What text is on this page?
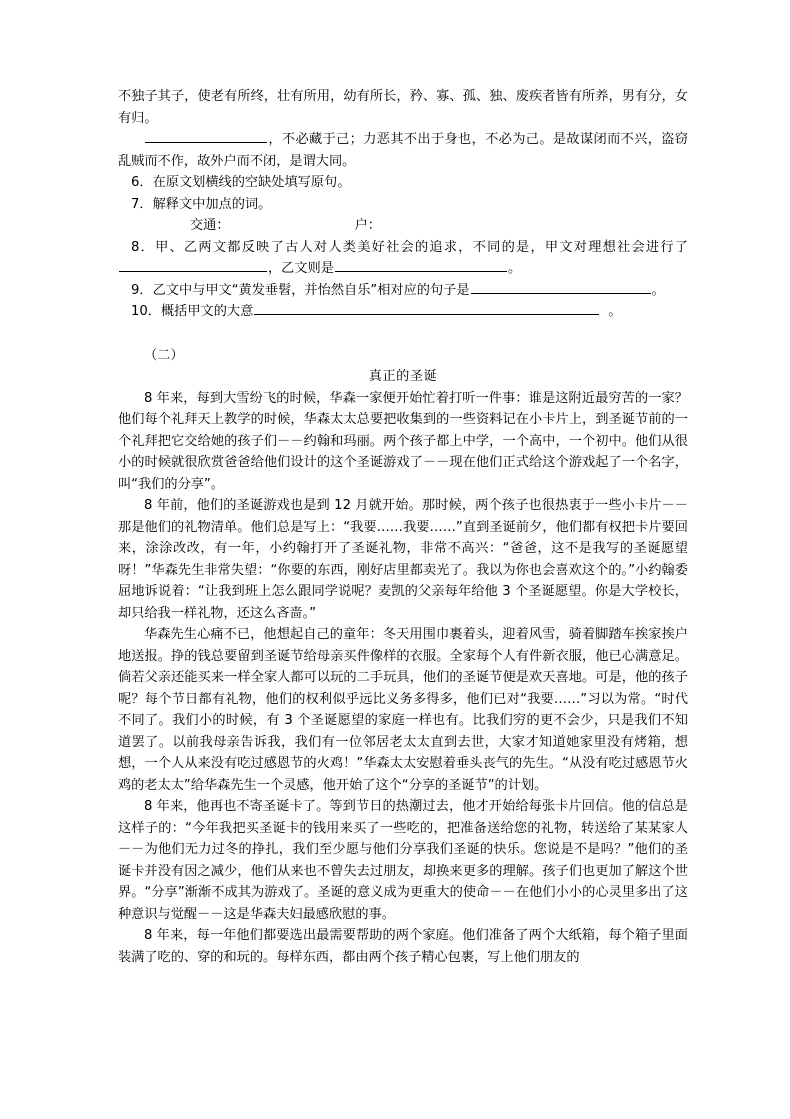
不独子其子，使老有所终，壮有所用，幼有所长，矜、寡、孤、独、废疾者皆有所养，男有分，女有归。

，不必藏于己；力恶其不出于身也，不必为己。是故谋闭而不兴，盗窃乱贼而不作，故外户而不闭，是谓大同。

6．在原文划横线的空缺处填写原句。

7．解释文中加点的词。

交通：	户：

8．甲、乙两文都反映了古人对人类美好社会的追求，不同的是，甲文对理想社会进行了，乙文则是	。

9．乙文中与甲文“黄发垂髫，并怡然自乐”相对应的句子是	。

10．概括甲文的大意	。

（二）

真正的圣诞

8 年来，每到大雪纷飞的时候，华森一家便开始忙着打听一件事：谁是这附近最穷苦的一家？他们每个礼拜天上教学的时候，华森太太总要把收集到的一些资料记在小卡片上，到圣诞节前的一个礼拜把它交给她的孩子们－－约翰和玛丽。两个孩子都上中学，一个高中，一个初中。他们从很小的时候就很欣赏爸爸给他们设计的这个圣诞游戏了－－现在他们正式给这个游戏起了一个名字，叫“我们的分享”。

8 年前，他们的圣诞游戏也是到 12 月就开始。那时候，两个孩子也很热衷于一些小卡片－－那是他们的礼物清单。他们总是写上：“我要……我要……”直到圣诞前夕，他们都有权把卡片要回来，涂涂改改，有一年，小约翰打开了圣诞礼物，非常不高兴：“爸爸，这不是我写的圣诞愿望呀！”华森先生非常失望：“你要的东西，刚好店里都卖光了。我以为你也会喜欢这个的。”小约翰委屈地诉说着：“让我到班上怎么跟同学说呢？麦凯的父亲每年给他 3 个圣诞愿望。你是大学校长，却只给我一样礼物，还这么吝啬。”

华森先生心痛不已，他想起自己的童年：冬天用围巾裹着头，迎着风雪，骑着脚踏车挨家挨户地送报。挣的钱总要留到圣诞节给母亲买件像样的衣服。全家每个人有件新衣服，他已心满意足。倘若父亲还能买来一样全家人都可以玩的二手玩具，他们的圣诞节便是欢天喜地。可是，他的孩子呢？每个节日都有礼物，他们的权利似乎远比义务多得多，他们已对“我要……”习以为常。“时代不同了。我们小的时候，有 3 个圣诞愿望的家庭一样也有。比我们穷的更不会少，只是我们不知道罢了。以前我母亲告诉我，我们有一位邻居老太太直到去世，大家才知道她家里没有烤箱，想想，一个人从来没有吃过感恩节的火鸡！”华森太太安慰着垂头丧气的先生。“从没有吃过感恩节火鸡的老太太”给华森先生一个灵感，他开始了这个“分享的圣诞节”的计划。

8 年来，他再也不寄圣诞卡了。等到节日的热潮过去，他才开始给每张卡片回信。他的信总是这样子的：“今年我把买圣诞卡的钱用来买了一些吃的，把准备送给您的礼物，转送给了某某家人－－为他们无力过冬的挣扎，我们至少愿与他们分享我们圣诞的快乐。您说是不是吗？”他们的圣诞卡并没有因之减少，他们从来也不曾失去过朋友，却换来更多的理解。孩子们也更加了解这个世界。“分享”渐渐不成其为游戏了。圣诞的意义成为更重大的使命－－在他们小小的心灵里多出了这种意识与觉醒－－这是华森夫妇最感欣慰的事。

8 年来，每一年他们都要选出最需要帮助的两个家庭。他们准备了两个大纸箱，每个箱子里面装满了吃的、穿的和玩的。每样东西，都由两个孩子精心包裹，写上他们朋友的
